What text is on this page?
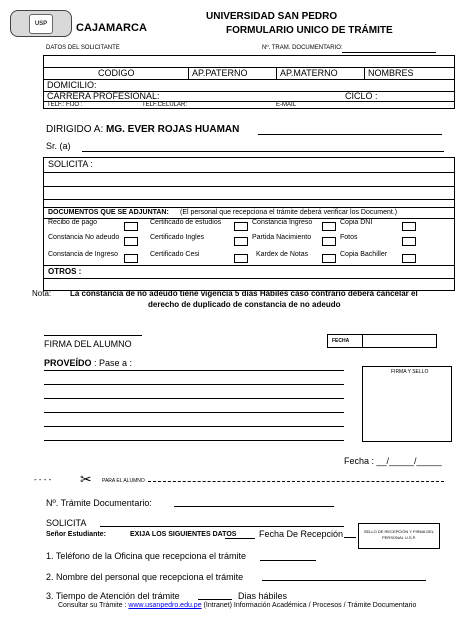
USP	CAJAMARCA
UNIVERSIDAD SAN PEDRO
FORMULARIO UNICO DE TRÁMITE
DATOS DEL SOLICITANTE	Nº. TRAM. DOCUMENTARIO:
CODIGO	AP.PATERNO	AP.MATERNO	NOMBRES
DOMICILIO:
CARRERA PROFESIONAL:	CICLO :
TELF.: FIJO :	TELF.CELULAR:	E-MAIL
DIRIGIDO A: MG. EVER ROJAS HUAMAN
Sr. (a)
SOLICITA :
DOCUMENTOS QUE SE ADJUNTAN: (El personal que recepciona el trámite deberá verificar los Document.)
Recibo de pago	Certificado de estudios	Constancia Ingreso	Copia DNI
Constancia No adeudo	Certificado Ingles	Partida Nacimiento	Fotos
Constancia de Ingreso	Certificado Cesi	Kardex de Notas	Copia Bachiller
OTROS :
Nota: La constancia de no adeudo tiene vigencia 5 días Hábiles caso contrario deberá cancelar el
derecho de duplicado de constancia de no adeudo
FIRMA DEL ALUMNO	FECHA
PROVEÍDO : Pase a :
FIRMA Y SELLO
Fecha : __/_____/_____
- - - - ✂ PARA EL ALUMNO
Nº. Trámite Documentario:
SOLICITA
Señor Estudiante:	EXIJA LOS SIGUIENTES DATOS	Fecha De Recepción	SELLO DE RECEPCIÓN Y FIRMA DEL PERSONAL U.S.P.
1. Teléfono de la Oficina que recepciona el trámite
2. Nombre del personal que recepciona el trámite
3. Tiempo de Atención del trámite	Dias hábiles
Consultar su Trámite : www.usanpedro.edu.pe (Intranet) Información Académica / Procesos / Trámite Documentario
